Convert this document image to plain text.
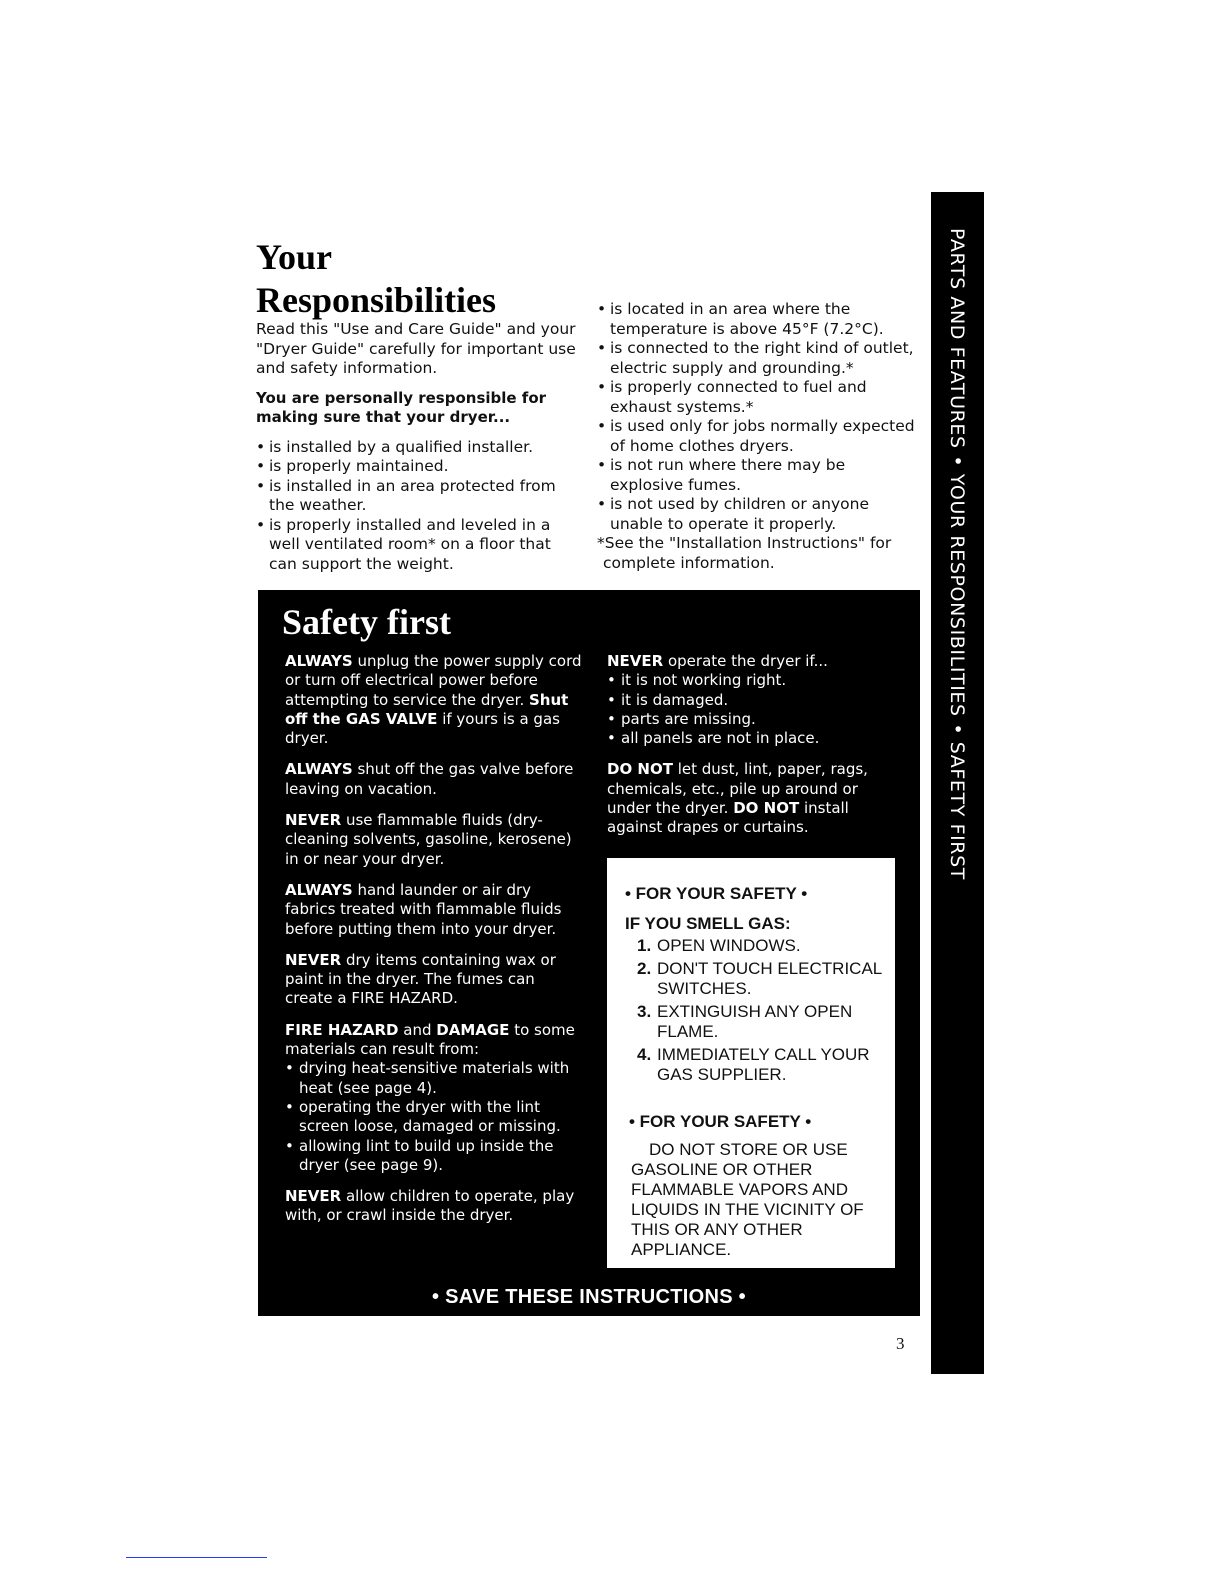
Your
Responsibilities

Read this "Use and Care Guide" and your "Dryer Guide" carefully for important use and safety information.

You are personally responsible for making sure that your dryer...

• is installed by a qualified installer.
• is properly maintained.
• is installed in an area protected from the weather.
• is properly installed and leveled in a well ventilated room* on a floor that can support the weight.
• is located in an area where the temperature is above 45°F (7.2°C).
• is connected to the right kind of outlet, electric supply and grounding.*
• is properly connected to fuel and exhaust systems.*
• is used only for jobs normally expected of home clothes dryers.
• is not run where there may be explosive fumes.
• is not used by children or anyone unable to operate it properly.
*See the "Installation Instructions" for complete information.	PARTS AND FEATURES • YOUR RESPONSIBILITIES • SAFETY FIRST
Safety first

ALWAYS unplug the power supply cord or turn off electrical power before attempting to service the dryer. Shut off the GAS VALVE if yours is a gas dryer.

ALWAYS shut off the gas valve before leaving on vacation.

NEVER use flammable fluids (dry-cleaning solvents, gasoline, kerosene) in or near your dryer.

ALWAYS hand launder or air dry fabrics treated with flammable fluids before putting them into your dryer.

NEVER dry items containing wax or paint in the dryer. The fumes can create a FIRE HAZARD.

FIRE HAZARD and DAMAGE to some materials can result from:

• drying heat-sensitive materials with heat (see page 4).
• operating the dryer with the lint screen loose, damaged or missing.
• allowing lint to build up inside the dryer (see page 9).

NEVER allow children to operate, play with, or crawl inside the dryer.

NEVER operate the dryer if...

• it is not working right.
• it is damaged.
• parts are missing.
• all panels are not in place.

DO NOT let dust, lint, paper, rags, chemicals, etc., pile up around or under the dryer. DO NOT install against drapes or curtains.

• FOR YOUR SAFETY •
IF YOU SMELL GAS:
1. OPEN WINDOWS.
2. DON'T TOUCH ELECTRICAL SWITCHES.
3. EXTINGUISH ANY OPEN FLAME.
4. IMMEDIATELY CALL YOUR GAS SUPPLIER.
• FOR YOUR SAFETY •
DO NOT STORE OR USE
GASOLINE OR OTHER FLAMMABLE VAPORS AND LIQUIDS IN THE VICINITY OF THIS OR ANY OTHER APPLIANCE.
• SAVE THESE INSTRUCTIONS •
3
